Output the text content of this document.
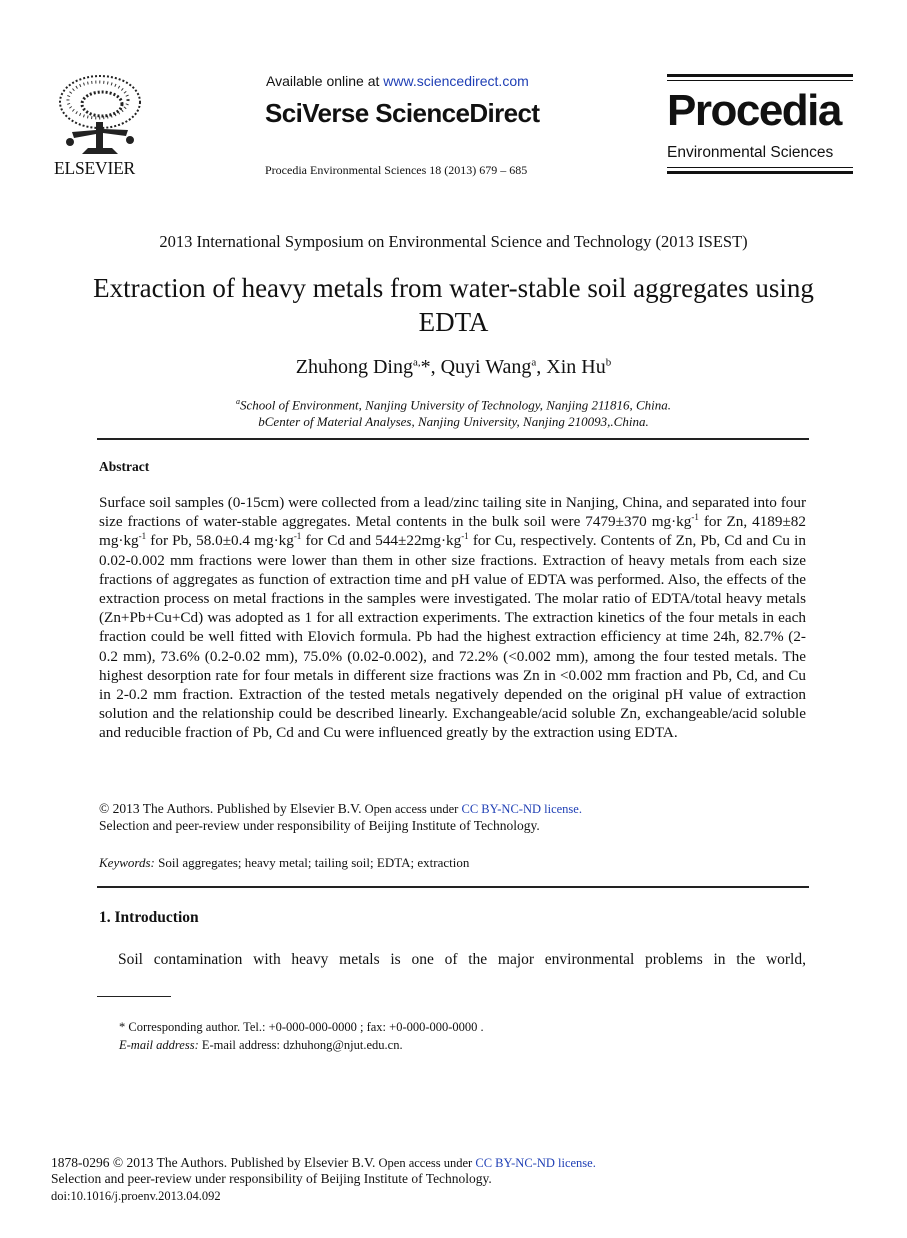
ELSEVIER
Available online at www.sciencedirect.com
SciVerse ScienceDirect
Procedia Environmental Sciences 18 (2013) 679 – 685
Procedia
Environmental Sciences
2013 International Symposium on Environmental Science and Technology (2013 ISEST)
Extraction of heavy metals from water-stable soil aggregates using EDTA
Zhuhong Ding$^{a,}$*, Quyi Wang$^a$, Xin Hu$^b$
$^a$School of Environment, Nanjing University of Technology, Nanjing 211816, China.
bCenter of Material Analyses, Nanjing University, Nanjing 210093,.China.
Abstract
Surface soil samples (0-15cm) were collected from a lead/zinc tailing site in Nanjing, China, and separated into four size fractions of water-stable aggregates. Metal contents in the bulk soil were 7479±370 $mg\cdot kg^{-1}$ for Zn, 4189±82 $mg\cdot kg^{-1}$ for Pb, 58.0±0.4 $mg\cdot kg^{-1}$ for Cd and $544\pm 22mg\cdot kg^{-1}$ for Cu, respectively. Contents of Zn, Pb, Cd and Cu in 0.02-0.002 mm fractions were lower than them in other size fractions. Extraction of heavy metals from each size fractions of aggregates as function of extraction time and pH value of EDTA was performed. Also, the effects of the extraction process on metal fractions in the samples were investigated. The molar ratio of EDTA/total heavy metals (Zn+Pb+Cu+Cd) was adopted as 1 for all extraction experiments. The extraction kinetics of the four metals in each fraction could be well fitted with Elovich formula. Pb had the highest extraction efficiency at time 24h, 82.7% (2-0.2 mm), 73.6% (0.2-0.02 mm), 75.0% (0.02-0.002), and 72.2% (<0.002 mm), among the four tested metals. The highest desorption rate for four metals in different size fractions was Zn in <0.002 mm fraction and Pb, Cd, and Cu in 2-0.2 mm fraction. Extraction of the tested metals negatively depended on the original pH value of extraction solution and the relationship could be described linearly. Exchangeable/acid soluble Zn, exchangeable/acid soluble and reducible fraction of Pb, Cd and Cu were influenced greatly by the extraction using EDTA.
© 2013 The Authors. Published by Elsevier B.V. Open access under CC BY-NC-ND license.
Selection and peer-review under responsibility of Beijing Institute of Technology.
Keywords: Soil aggregates; heavy metal; tailing soil; EDTA; extraction
1. Introduction
Soil contamination with heavy metals is one of the major environmental problems in the world,
* Corresponding author. Tel.: +0-000-000-0000 ; fax: +0-000-000-0000 .
E-mail address: E-mail address: dzhuhong@njut.edu.cn.
1878-0296 © 2013 The Authors. Published by Elsevier B.V. Open access under CC BY-NC-ND license.
Selection and peer-review under responsibility of Beijing Institute of Technology.
doi:10.1016/j.proenv.2013.04.092
